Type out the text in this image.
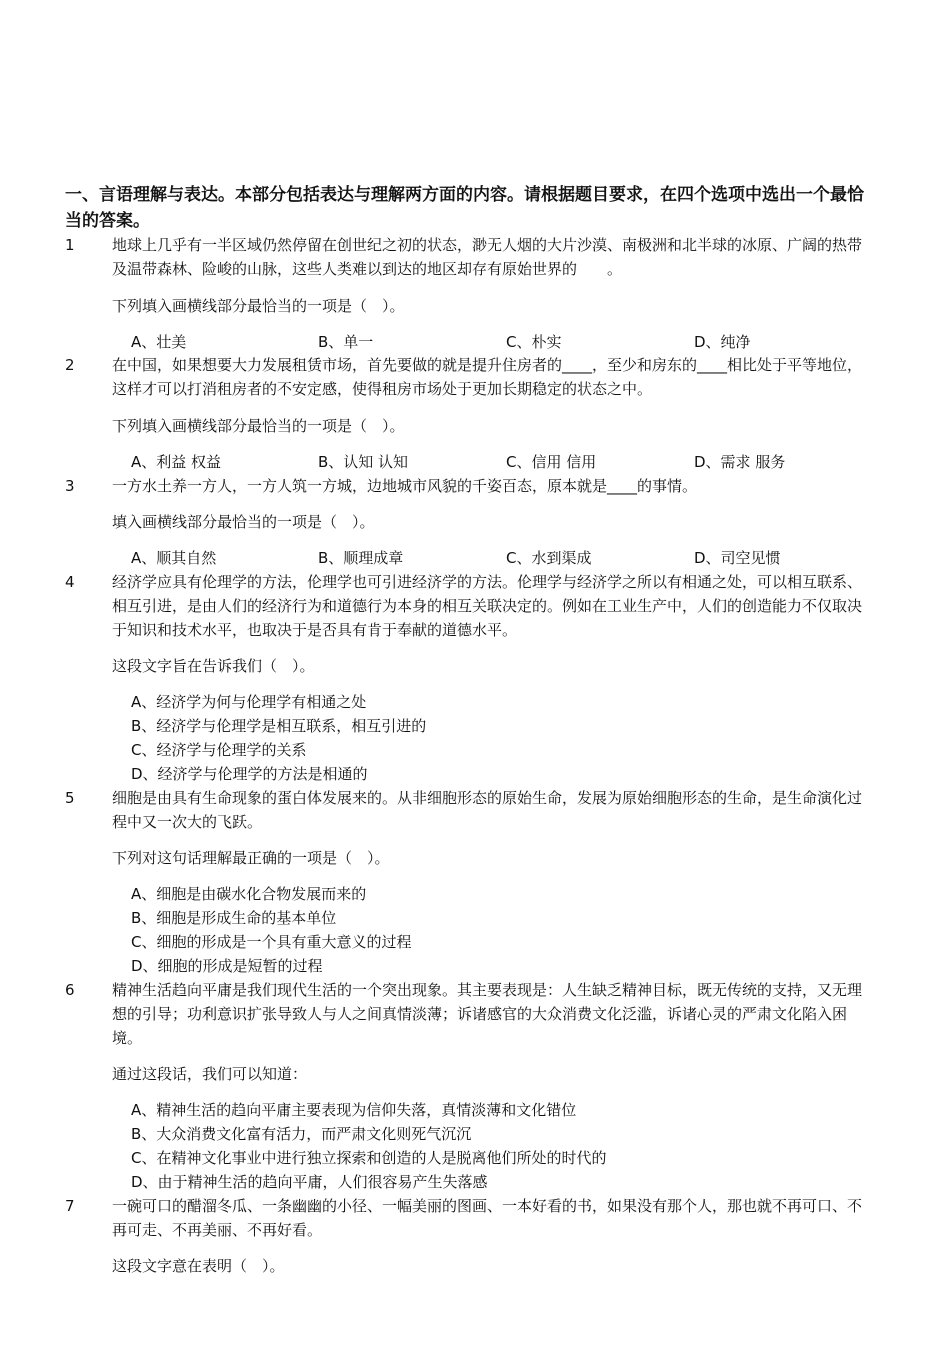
一、言语理解与表达。本部分包括表达与理解两方面的内容。请根据题目要求，在四个选项中选出一个最恰当的答案。
1 地球上几乎有一半区域仍然停留在创世纪之初的状态，渺无人烟的大片沙漠、南极洲和北半球的冰原、广阔的热带及温带森林、险峻的山脉，这些人类难以到达的地区却存有原始世界的　　。
下列填入画横线部分最恰当的一项是（　）。
A、壮美	B、单一	C、朴实	D、纯净
2 在中国，如果想要大力发展租赁市场，首先要做的就是提升住房者的____，至少和房东的____相比处于平等地位，这样才可以打消租房者的不安定感，使得租房市场处于更加长期稳定的状态之中。
下列填入画横线部分最恰当的一项是（　）。
A、利益 权益	B、认知 认知	C、信用 信用	D、需求 服务
3 一方水土养一方人，一方人筑一方城，边地城市风貌的千姿百态，原本就是____的事情。
填入画横线部分最恰当的一项是（　）。
A、顺其自然	B、顺理成章	C、水到渠成	D、司空见惯
4 经济学应具有伦理学的方法，伦理学也可引进经济学的方法。伦理学与经济学之所以有相通之处，可以相互联系、相互引进，是由人们的经济行为和道德行为本身的相互关联决定的。例如在工业生产中，人们的创造能力不仅取决于知识和技术水平，也取决于是否具有肯于奉献的道德水平。
这段文字旨在告诉我们（　）。
A、经济学为何与伦理学有相通之处
B、经济学与伦理学是相互联系，相互引进的
C、经济学与伦理学的关系
D、经济学与伦理学的方法是相通的
5 细胞是由具有生命现象的蛋白体发展来的。从非细胞形态的原始生命，发展为原始细胞形态的生命，是生命演化过程中又一次大的飞跃。
下列对这句话理解最正确的一项是（　）。
A、细胞是由碳水化合物发展而来的
B、细胞是形成生命的基本单位
C、细胞的形成是一个具有重大意义的过程
D、细胞的形成是短暂的过程
6 精神生活趋向平庸是我们现代生活的一个突出现象。其主要表现是：人生缺乏精神目标，既无传统的支持，又无理想的引导；功利意识扩张导致人与人之间真情淡薄；诉诸感官的大众消费文化泛滥，诉诸心灵的严肃文化陷入困境。
通过这段话，我们可以知道：
A、精神生活的趋向平庸主要表现为信仰失落，真情淡薄和文化错位
B、大众消费文化富有活力，而严肃文化则死气沉沉
C、在精神文化事业中进行独立探索和创造的人是脱离他们所处的时代的
D、由于精神生活的趋向平庸，人们很容易产生失落感
7 一碗可口的醋溜冬瓜、一条幽幽的小径、一幅美丽的图画、一本好看的书，如果没有那个人，那也就不再可口、不再可走、不再美丽、不再好看。
这段文字意在表明（　）。
